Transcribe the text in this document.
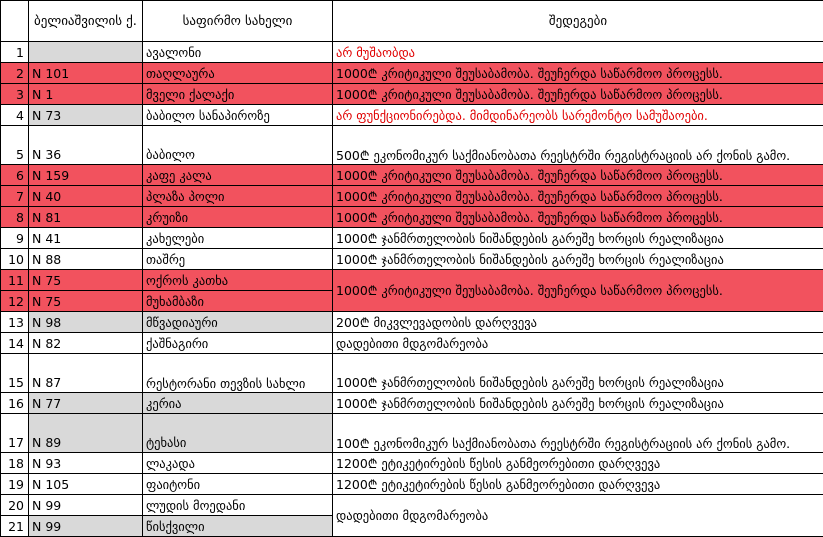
	ბელიაშვილის ქ.	საფირმო სახელი	შედეგები
1		ავალონი	არ მუშაობდა
2	N 101	თაღლაურა	1000₾ კრიტიკული შეუსაბამობა. შეუჩერდა საწარმოო პროცესს.
3	N 1	მველი ქალაქი	1000₾ კრიტიკული შეუსაბამობა. შეუჩერდა საწარმოო პროცესს.
4	N 73	ბაბილო სანაპიროზე	არ ფუნქციონირებდა. მიმდინარეობს სარემონტო სამუშაოები.
5	N 36	ბაბილო	500₾ ეკონომიკურ საქმიანობათა რეესტრში რეგისტრაციის არ ქონის გამო.
6	N 159	კაფე კალა	1000₾ კრიტიკული შეუსაბამობა. შეუჩერდა საწარმოო პროცესს.
7	N 40	პლაზა პოლი	1000₾ კრიტიკული შეუსაბამობა. შეუჩერდა საწარმოო პროცესს.
8	N 81	კრუიზი	1000₾ კრიტიკული შეუსაბამობა. შეუჩერდა საწარმოო პროცესს.
9	N 41	კახელები	1000₾ ჯანმრთელობის ნიშანდების გარეშე ხორცის რეალიზაცია
10	N 88	თაშრე	1000₾ ჯანმრთელობის ნიშანდების გარეშე ხორცის რეალიზაცია
11	N 75	ოქროს კათხა	1000₾ კრიტიკული შეუსაბამობა. შეუჩერდა საწარმოო პროცესს.
12	N 75	მუხამბაზი	
13	N 98	მწვადიაური	200₾ მიკვლევადობის დარღვევა
14	N 82	ქაშნაგირი	დადებითი მდგომარეობა
15	N 87	რესტორანი თევზის სახლი	1000₾ ჯანმრთელობის ნიშანდების გარეშე ხორცის რეალიზაცია
16	N 77	კერია	1000₾ ჯანმრთელობის ნიშანდების გარეშე ხორცის რეალიზაცია
17	N 89	ტეხასი	100₾ ეკონომიკურ საქმიანობათა რეესტრში რეგისტრაციის არ ქონის გამო.
18	N 93	ლაკადა	1200₾ ეტიკეტირების წესის განმეორებითი დარღვევა
19	N 105	ფაიტონი	1200₾ ეტიკეტირების წესის განმეორებითი დარღვევა
20	N 99	ლუდის მოედანი	დადებითი მდგომარეობა
21	N 99	წისქვილი	
